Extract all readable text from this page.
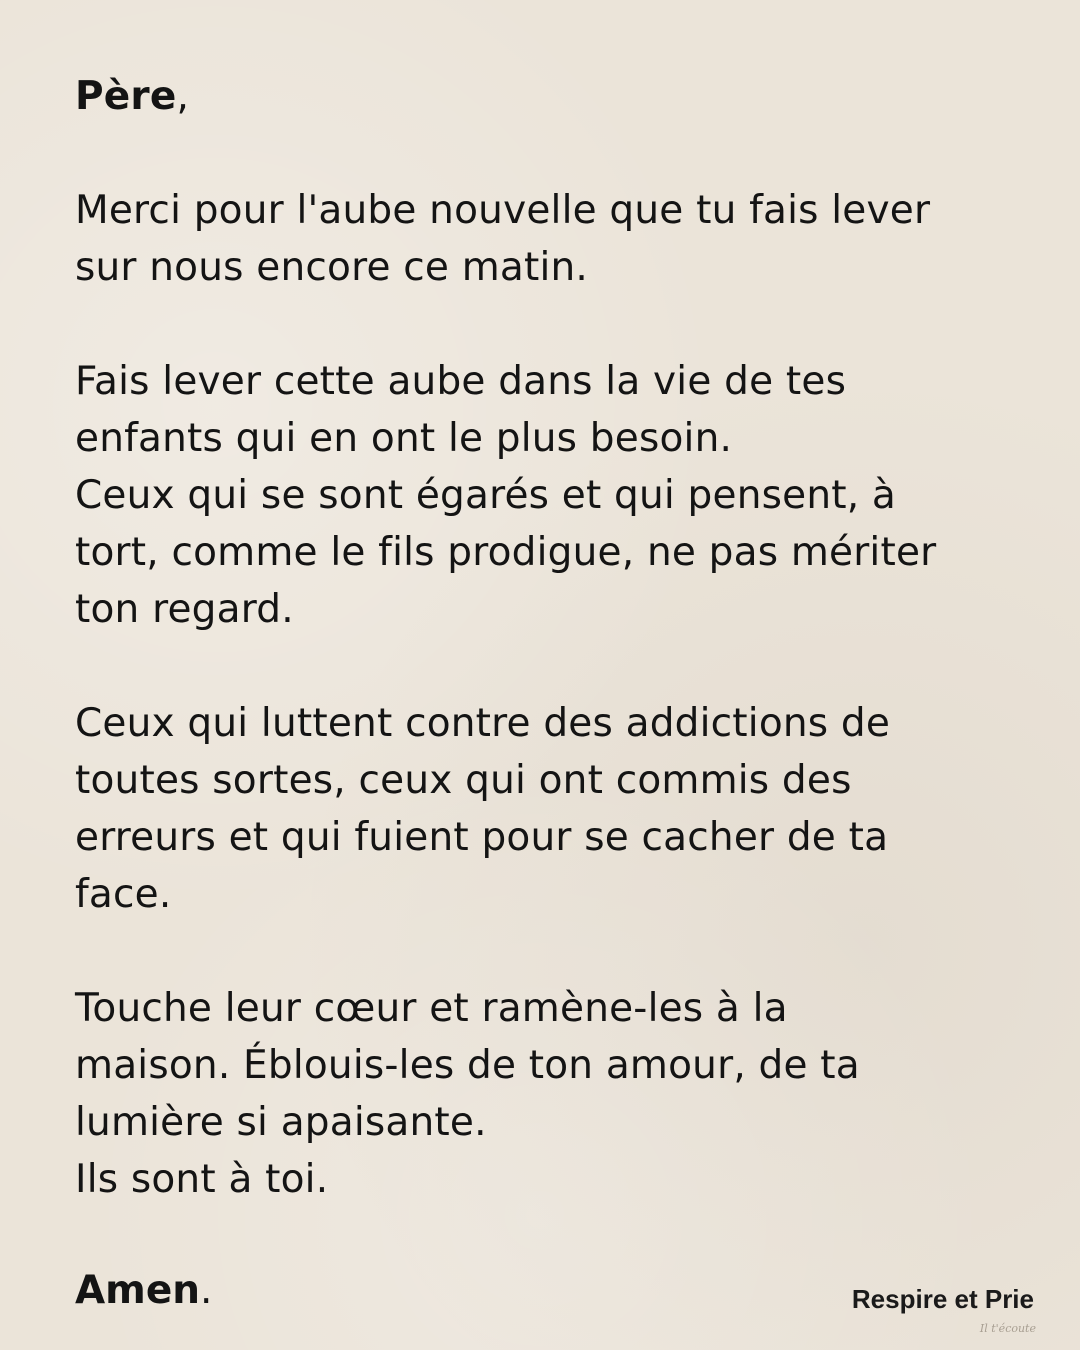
Père,
Merci pour l'aube nouvelle que tu fais lever
sur nous encore ce matin.
Fais lever cette aube dans la vie de tes
enfants qui en ont le plus besoin.
Ceux qui se sont égarés et qui pensent, à
tort, comme le fils prodigue, ne pas mériter
ton regard.
Ceux qui luttent contre des addictions de
toutes sortes, ceux qui ont commis des
erreurs et qui fuient pour se cacher de ta
face.
Touche leur cœur et ramène-les à la
maison. Éblouis-les de ton amour, de ta
lumière si apaisante.
Ils sont à toi.
Amen.	Respire et Prie
Il t'écoute
